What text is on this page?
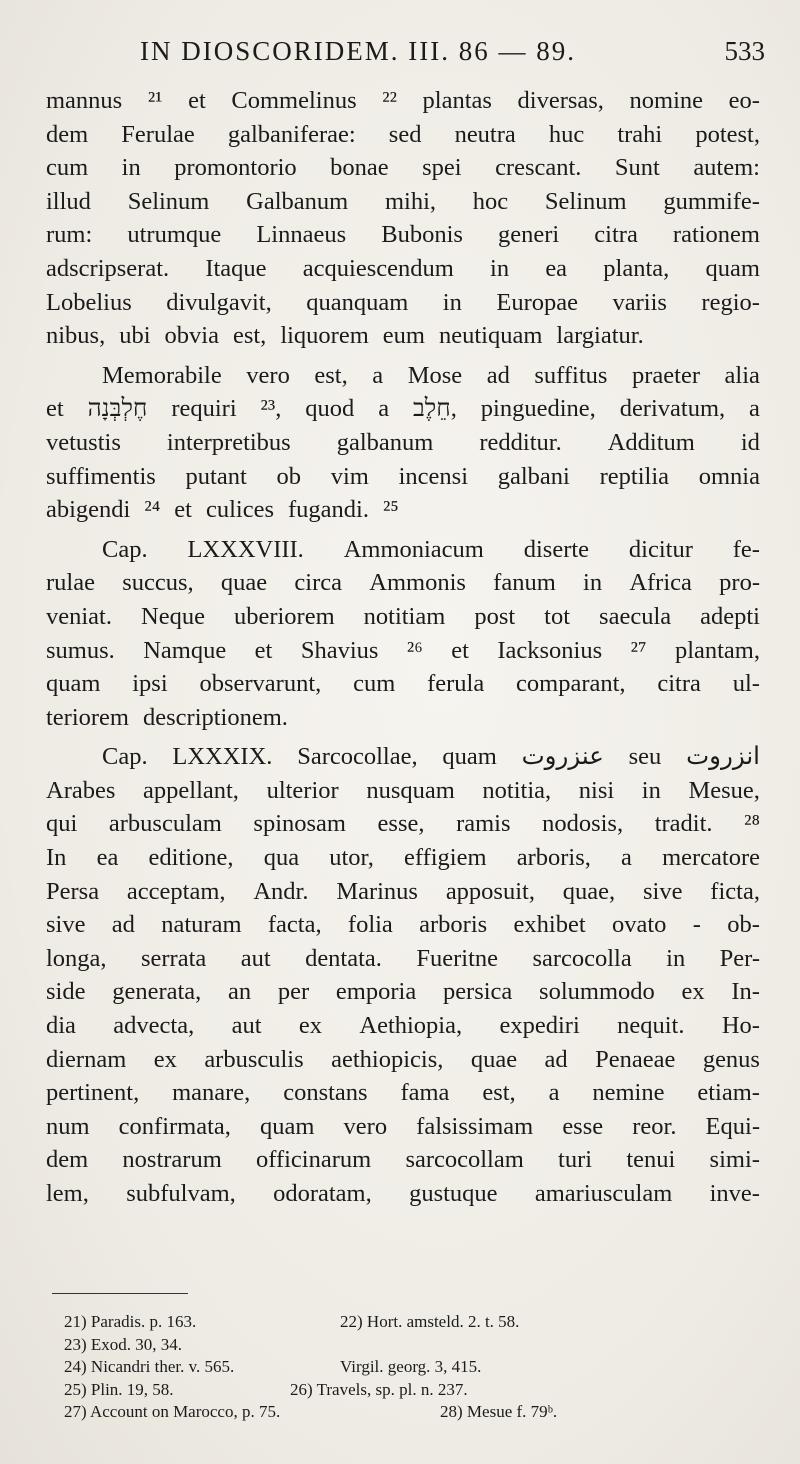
IN DIOSCORIDEM. III. 86 — 89.	533
mannus ²¹ et Commelinus ²² plantas diversas, nomine eo-
dem Ferulae galbaniferae: sed neutra huc trahi potest,
cum in promontorio bonae spei crescant. Sunt autem:
illud Selinum Galbanum mihi, hoc Selinum gummife-
rum: utrumque Linnaeus Bubonis generi citra rationem
adscripserat. Itaque acquiescendum in ea planta, quam
Lobelius divulgavit, quanquam in Europae variis regio-
nibus, ubi obvia est, liquorem eum neutiquam largiatur.
Memorabile vero est, a Mose ad suffitus praeter alia
et חֶלְבְּנָה requiri ²³, quod a חֵלֶב, pinguedine, derivatum, a
vetustis interpretibus galbanum redditur. Additum id
suffimentis putant ob vim incensi galbani reptilia omnia
abigendi ²⁴ et culices fugandi. ²⁵
Cap. LXXXVIII. Ammoniacum diserte dicitur fe-
rulae succus, quae circa Ammonis fanum in Africa pro-
veniat. Neque uberiorem notitiam post tot saecula adepti
sumus. Namque et Shavius ²⁶ et Iacksonius ²⁷ plantam,
quam ipsi observarunt, cum ferula comparant, citra ul-
teriorem descriptionem.
Cap. LXXXIX. Sarcocollae, quam عنزروت seu انزروت
Arabes appellant, ulterior nusquam notitia, nisi in Mesue,
qui arbusculam spinosam esse, ramis nodosis, tradit. ²⁸
In ea editione, qua utor, effigiem arboris, a mercatore
Persa acceptam, Andr. Marinus apposuit, quae, sive ficta,
sive ad naturam facta, folia arboris exhibet ovato - ob-
longa, serrata aut dentata. Fueritne sarcocolla in Per-
side generata, an per emporia persica solummodo ex In-
dia advecta, aut ex Aethiopia, expediri nequit. Ho-
diernam ex arbusculis aethiopicis, quae ad Penaeae genus
pertinent, manare, constans fama est, a nemine etiam-
num confirmata, quam vero falsissimam esse reor. Equi-
dem nostrarum officinarum sarcocollam turi tenui simi-
lem, subfulvam, odoratam, gustuque amariusculam inve-
21) Paradis. p. 163.	22) Hort. amsteld. 2. t. 58.
23) Exod. 30, 34.
24) Nicandri ther. v. 565.	Virgil. georg. 3, 415.
25) Plin. 19, 58.	26) Travels, sp. pl. n. 237.
27) Account on Marocco, p. 75.	28) Mesue f. 79ᵇ.
